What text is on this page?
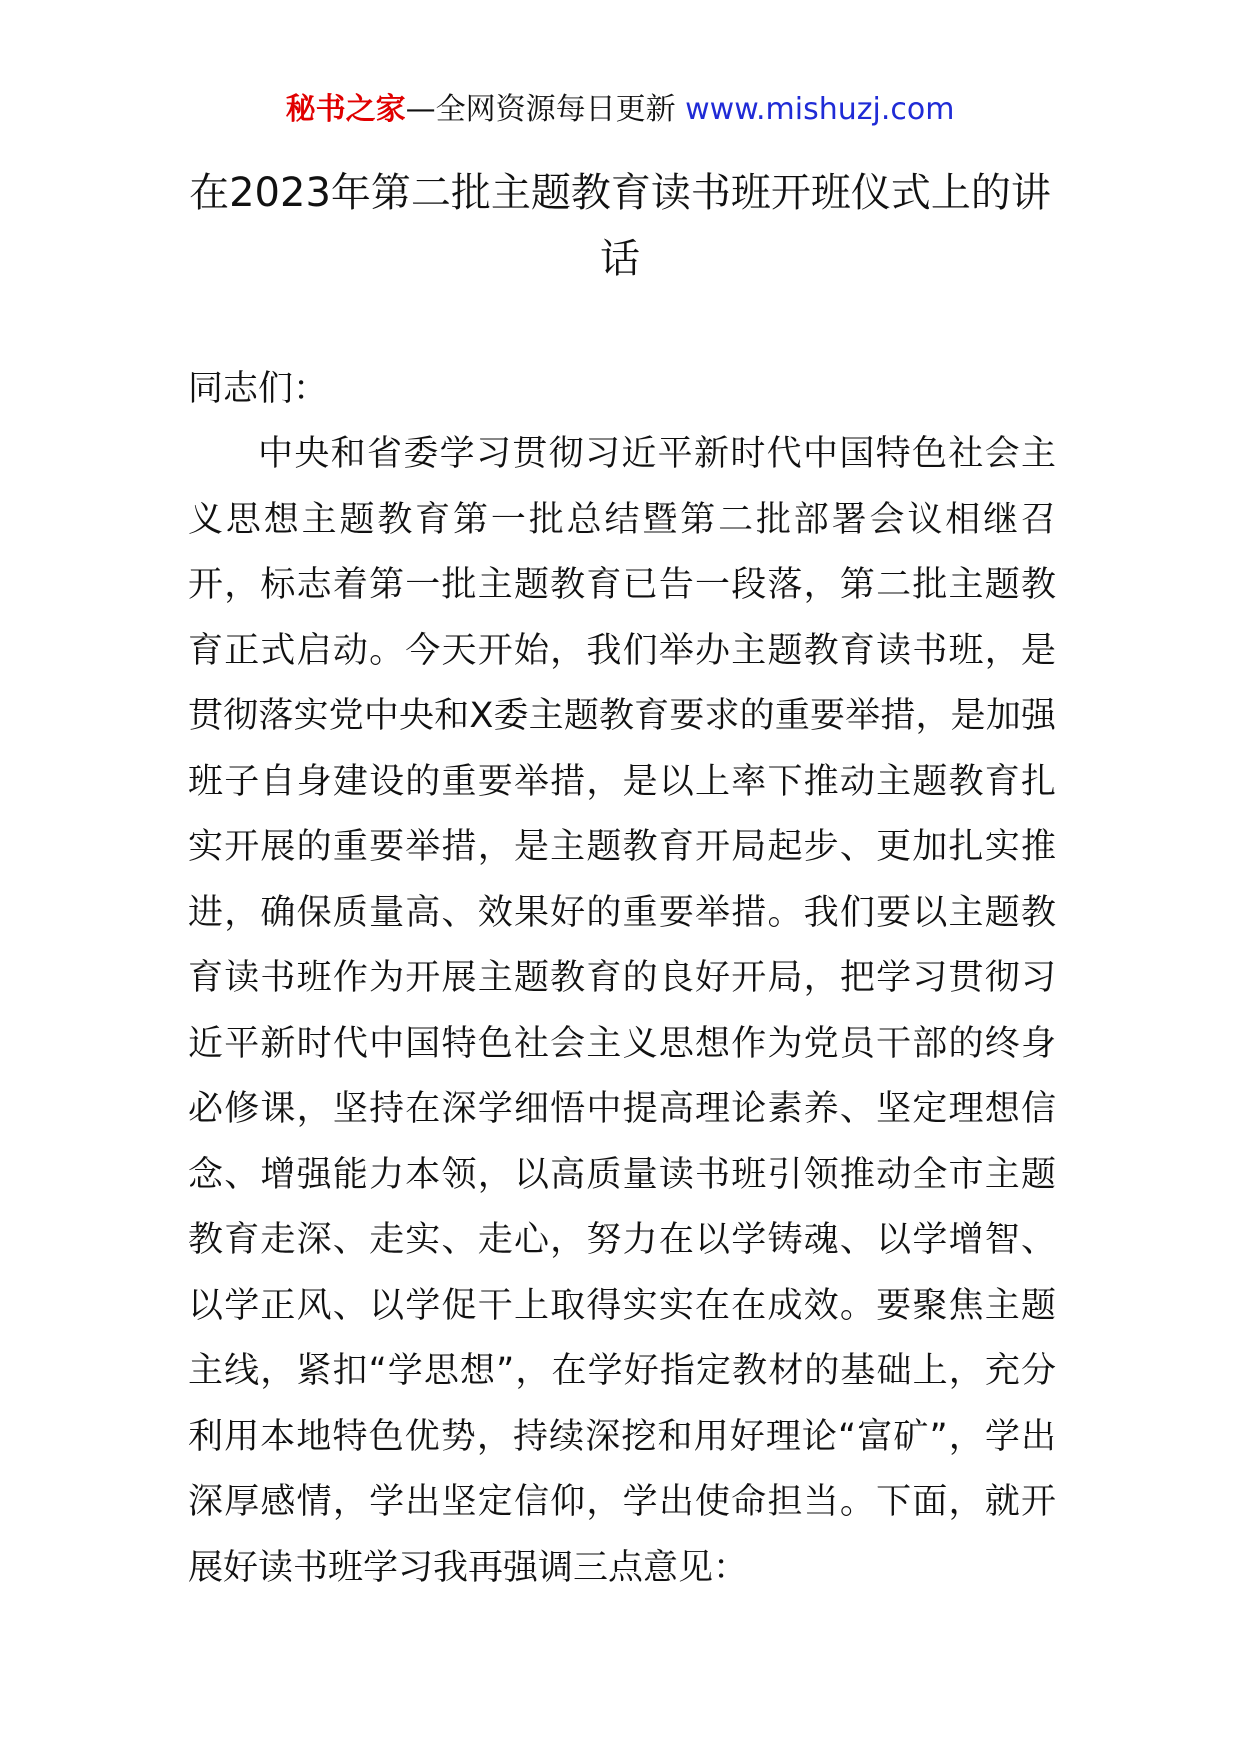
秘书之家—全网资源每日更新 www.mishuzj.com
在2023年第二批主题教育读书班开班仪式上的讲话

同志们：

中央和省委学习贯彻习近平新时代中国特色社会主义思想主题教育第一批总结暨第二批部署会议相继召开，标志着第一批主题教育已告一段落，第二批主题教育正式启动。今天开始，我们举办主题教育读书班，是贯彻落实党中央和X委主题教育要求的重要举措，是加强班子自身建设的重要举措，是以上率下推动主题教育扎实开展的重要举措，是主题教育开局起步、更加扎实推进，确保质量高、效果好的重要举措。我们要以主题教育读书班作为开展主题教育的良好开局，把学习贯彻习近平新时代中国特色社会主义思想作为党员干部的终身必修课，坚持在深学细悟中提高理论素养、坚定理想信念、增强能力本领，以高质量读书班引领推动全市主题教育走深、走实、走心，努力在以学铸魂、以学增智、以学正风、以学促干上取得实实在在成效。要聚焦主题主线，紧扣“学思想”，在学好指定教材的基础上，充分利用本地特色优势，持续深挖和用好理论“富矿”，学出深厚感情，学出坚定信仰，学出使命担当。下面，就开展好读书班学习我再强调三点意见：
